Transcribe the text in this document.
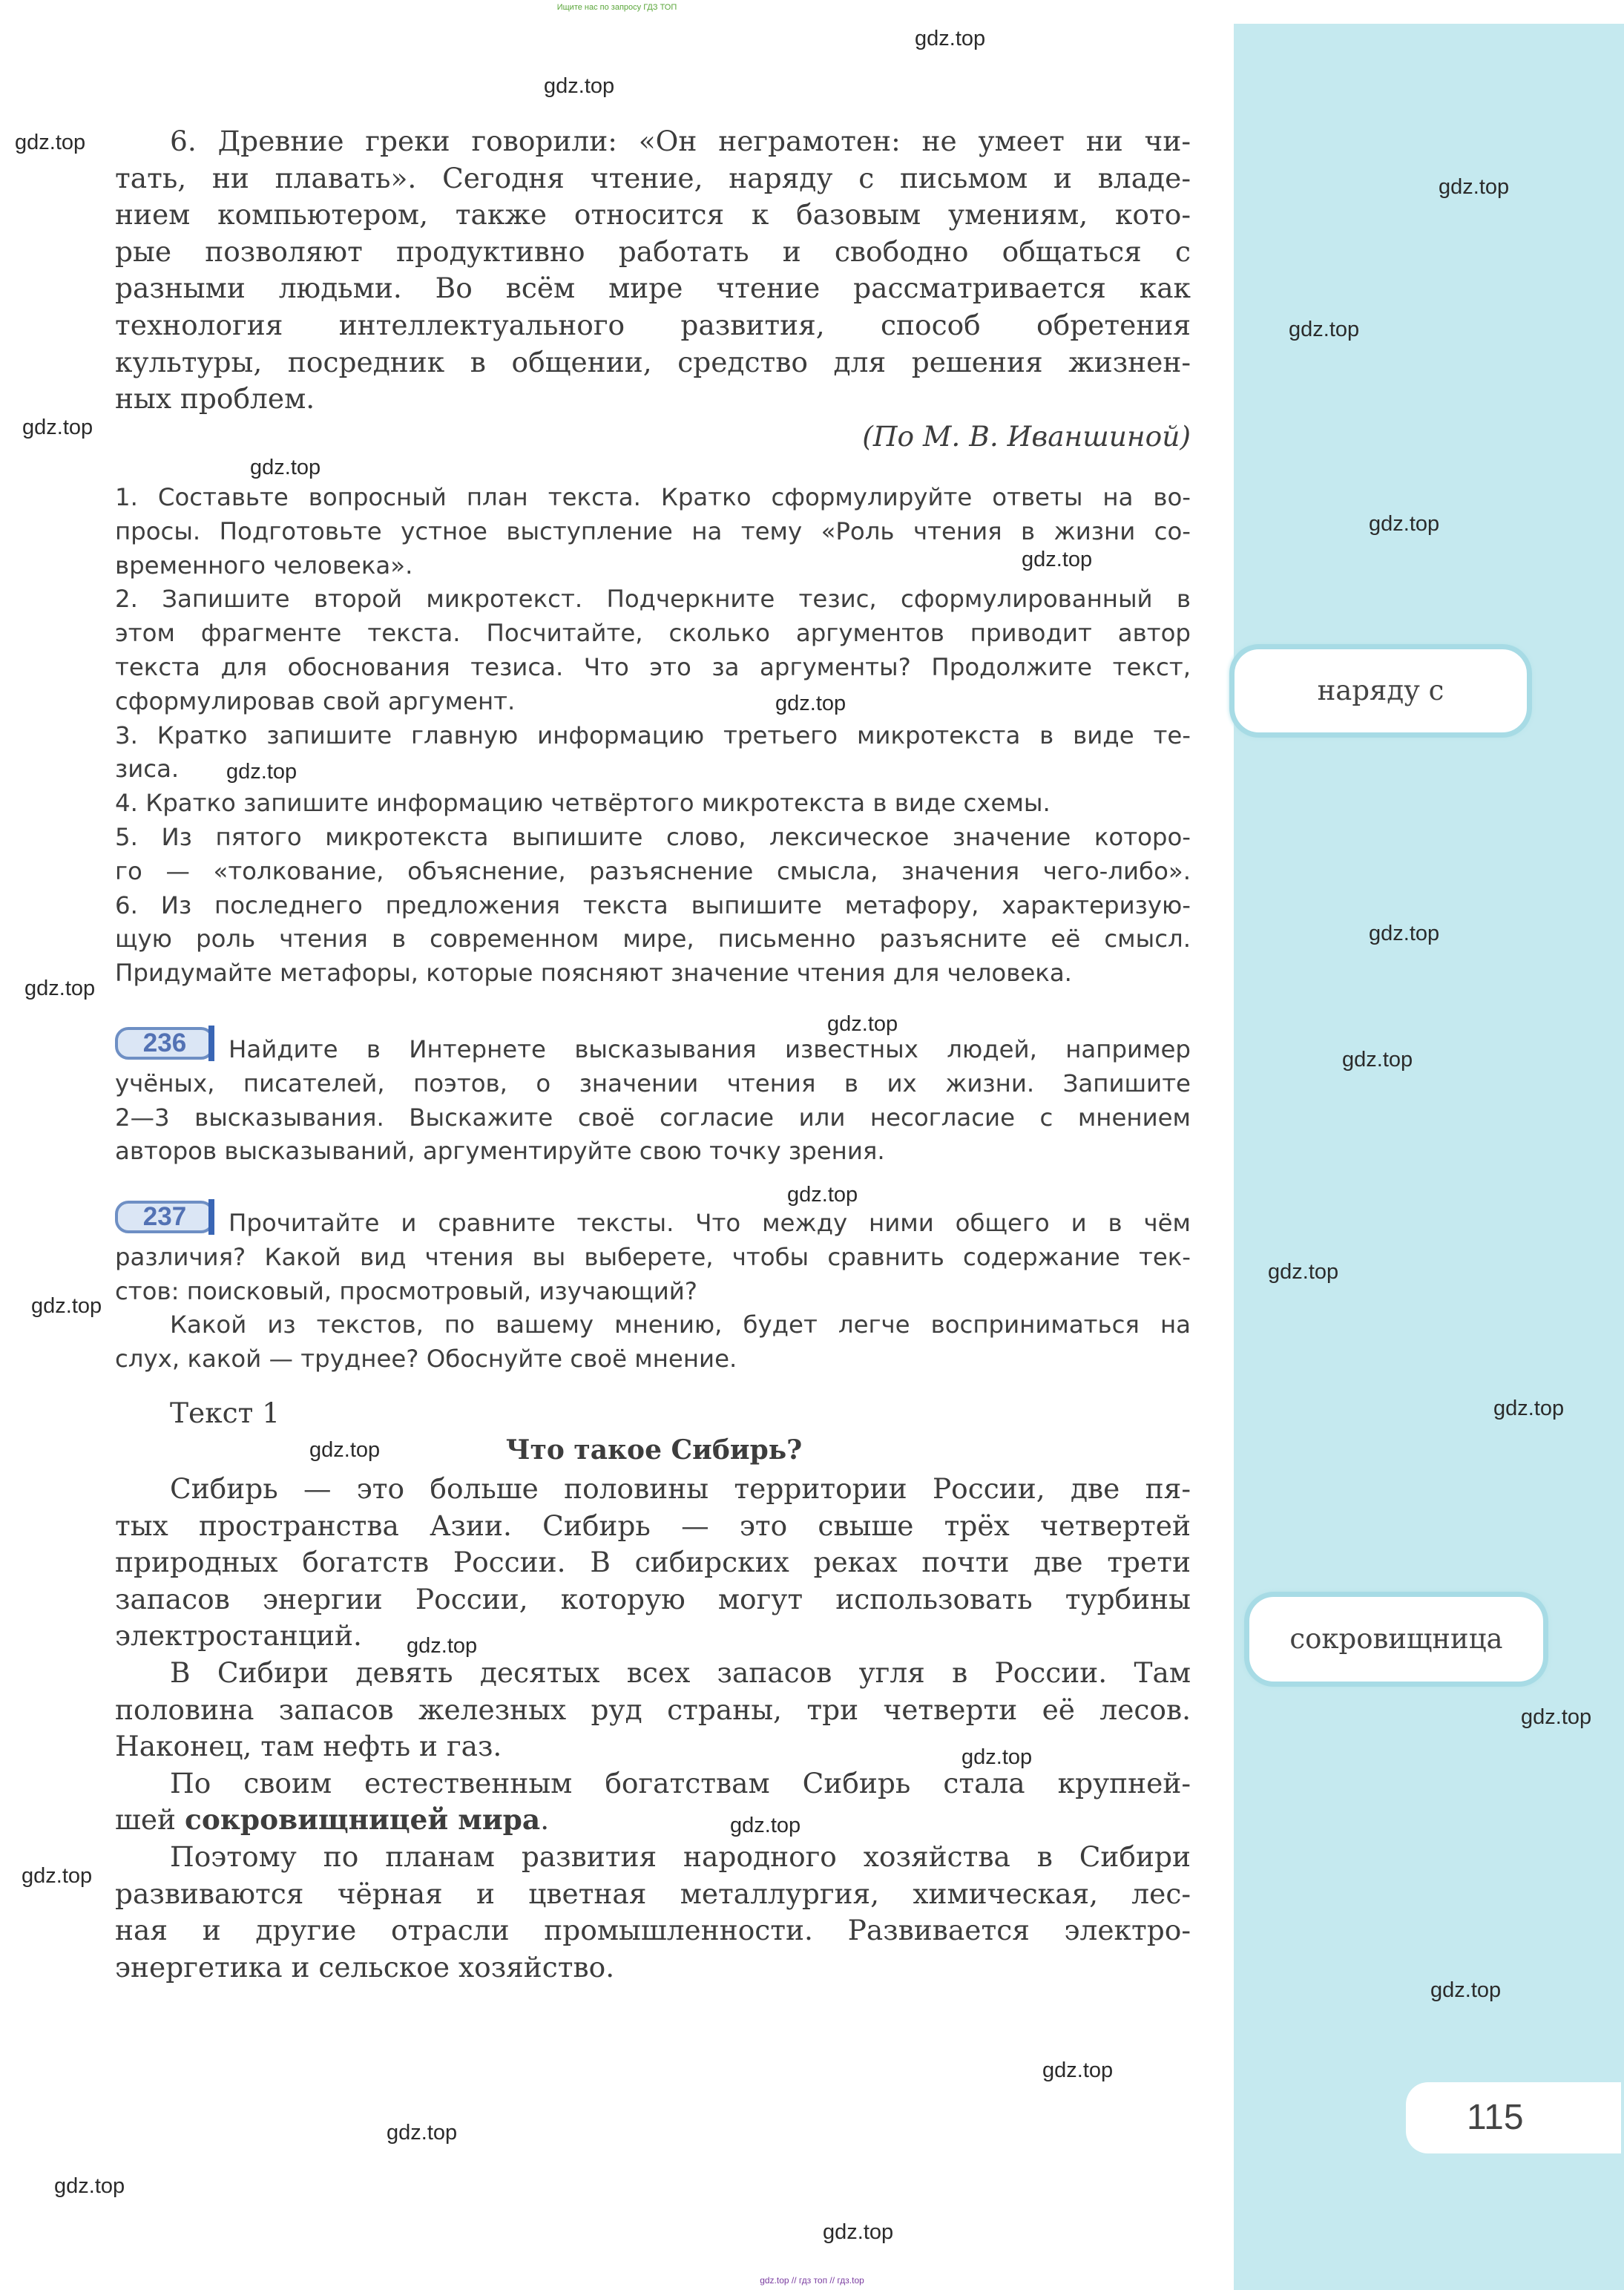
Ищите нас по запросу ГДЗ ТОП
6. Древние греки говорили: «Он неграмотен: не умеет ни чи-
тать, ни плавать». Сегодня чтение, наряду с письмом и владе-
нием компьютером, также относится к базовым умениям, кото-
рые позволяют продуктивно работать и свободно общаться с
разными людьми. Во всём мире чтение рассматривается как
технология интеллектуального развития, способ обретения
культуры, посредник в общении, средство для решения жизнен-
ных проблем.
(По М. В. Иваншиной)
1. Составьте вопросный план текста. Кратко сформулируйте ответы на во-
просы. Подготовьте устное выступление на тему «Роль чтения в жизни со-
временного человека».
2. Запишите второй микротекст. Подчеркните тезис, сформулированный в
этом фрагменте текста. Посчитайте, сколько аргументов приводит автор
текста для обоснования тезиса. Что это за аргументы? Продолжите текст,
сформулировав свой аргумент.
3. Кратко запишите главную информацию третьего микротекста в виде те-
зиса.
4. Кратко запишите информацию четвёртого микротекста в виде схемы.
5. Из пятого микротекста выпишите слово, лексическое значение которо-
го — «толкование, объяснение, разъяснение смысла, значения чего-либо».
6. Из последнего предложения текста выпишите метафору, характеризую-
щую роль чтения в современном мире, письменно разъясните её смысл.
Придумайте метафоры, которые поясняют значение чтения для человека.
236	Найдите в Интернете высказывания известных людей, например
учёных, писателей, поэтов, о значении чтения в их жизни. Запишите
2—3 высказывания. Выскажите своё согласие или несогласие с мнением
авторов высказываний, аргументируйте свою точку зрения.
237	Прочитайте и сравните тексты. Что между ними общего и в чём
различия? Какой вид чтения вы выберете, чтобы сравнить содержание тек-
стов: поисковый, просмотровый, изучающий?
Какой из текстов, по вашему мнению, будет легче восприниматься на
слух, какой — труднее? Обоснуйте своё мнение.
Текст 1
Что такое Сибирь?
Сибирь — это больше половины территории России, две пя-
тых пространства Азии. Сибирь — это свыше трёх четвертей
природных богатств России. В сибирских реках почти две трети
запасов энергии России, которую могут использовать турбины
электростанций.
В Сибири девять десятых всех запасов угля в России. Там
половина запасов железных руд страны, три четверти её лесов.
Наконец, там нефть и газ.
По своим естественным богатствам Сибирь стала крупней-
шей сокровищницей мира.
Поэтому по планам развития народного хозяйства в Сибири
развиваются чёрная и цветная металлургия, химическая, лес-
ная и другие отрасли промышленности. Развивается электро-
энергетика и сельское хозяйство.
наряду с
сокровищница
115
gdz.top
gdz.top
gdz.top
gdz.top
gdz.top
gdz.top
gdz.top
gdz.top
gdz.top
gdz.top
gdz.top
gdz.top
gdz.top
gdz.top
gdz.top
gdz.top
gdz.top
gdz.top
gdz.top
gdz.top
gdz.top
gdz.top
gdz.top
gdz.top
gdz.top
gdz.top
gdz.top
gdz.top
gdz.top
gdz.top
gdz.top // гдз топ // гдз.top
